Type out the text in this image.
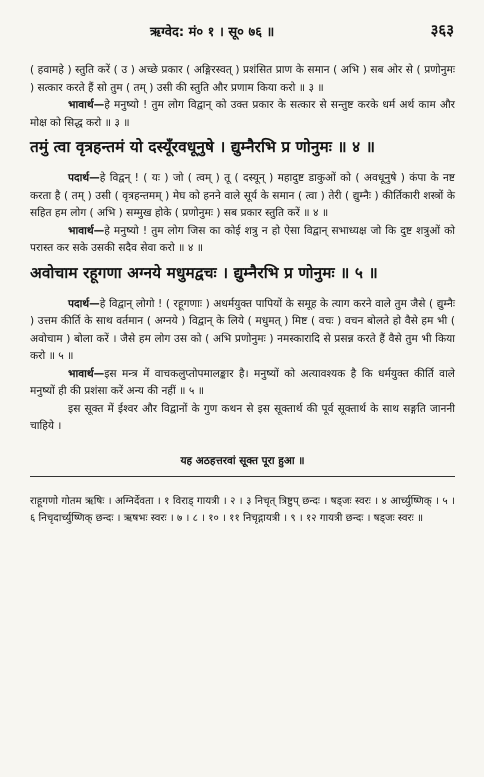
ऋग्वेद: मं० १ । सू० ७६ ॥	३६३

( हवामहे ) स्तुति करें ( उ ) अच्छे प्रकार ( अङ्गिरस्वत् ) प्रशंसित प्राण के समान ( अभि ) सब ओर से ( प्रणोनुमः ) सत्कार करते हैं सो तुम ( तम् ) उसी की स्तुति और प्रणाम किया करो ॥ ३ ॥

भावार्थ—हे मनुष्यो ! तुम लोग विद्वान् को उक्त प्रकार के सत्कार से सन्तुष्ट करके धर्म अर्थ काम और मोक्ष को सिद्ध करो ॥ ३ ॥

तमुं त्वा वृत्रहन्तमं यो दस्यूँरवधूनुषे । द्युम्नैरभि प्र णोनुमः ॥ ४ ॥

पदार्थ—हे विद्वन् ! ( यः ) जो ( त्वम् ) तू ( दस्यून् ) महादुष्ट डाकुओं को ( अवधूनुषे ) कंपा के नष्ट करता है ( तम् ) उसी ( वृत्रहन्तमम् ) मेघ को हनने वाले सूर्य के समान ( त्वा ) तेरी ( द्युम्नैः ) कीर्तिकारी शस्त्रों के सहित हम लोग ( अभि ) सम्मुख होके ( प्रणोनुमः ) सब प्रकार स्तुति करें ॥ ४ ॥

भावार्थ—हे मनुष्यो ! तुम लोग जिस का कोई शत्रु न हो ऐसा विद्वान् सभाध्यक्ष जो कि दुष्ट शत्रुओं को परास्त कर सके उसकी सदैव सेवा करो ॥ ४ ॥

अवोचाम रहूगणा अग्नये मधुमद्वचः । द्युम्नैरभि प्र णोनुमः ॥ ५ ॥

पदार्थ—हे विद्वान् लोगो ! ( रहूगणाः ) अधर्मयुक्त पापियों के समूह के त्याग करने वाले तुम जैसे ( द्युम्नैः ) उत्तम कीर्ति के साथ वर्तमान ( अग्नये ) विद्वान् के लिये ( मधुमत् ) मिष्ट ( वचः ) वचन बोलते हो वैसे हम भी ( अवोचाम ) बोला करें । जैसे हम लोग उस को ( अभि प्रणोनुमः ) नमस्कारादि से प्रसन्न करते हैं वैसे तुम भी किया करो ॥ ५ ॥

भावार्थ—इस मन्त्र में वाचकलुप्तोपमालङ्कार है। मनुष्यों को अत्यावश्यक है कि धर्मयुक्त कीर्ति वाले मनुष्यों ही की प्रशंसा करें अन्य की नहीं ॥ ५ ॥

इस सूक्त में ईश्वर और विद्वानों के गुण कथन से इस सूक्तार्थ की पूर्व सूक्तार्थ के साथ सङ्गति जाननी चाहिये ।

यह अठहत्तरवां सूक्त पूरा हुआ ॥

राहूगणो गोतम ऋषिः । अग्निर्देवता । १ विराड् गायत्री । २ । ३ निचृत् त्रिष्टुप् छन्दः । षड्जः स्वरः । ४ आर्च्युष्णिक् । ५ । ६ निचृदार्च्युष्णिक् छन्दः । ऋषभः स्वरः । ७ । ८ । १० । ११ निचृद्गायत्री । ९ । १२ गायत्री छन्दः । षड्जः स्वरः ॥
